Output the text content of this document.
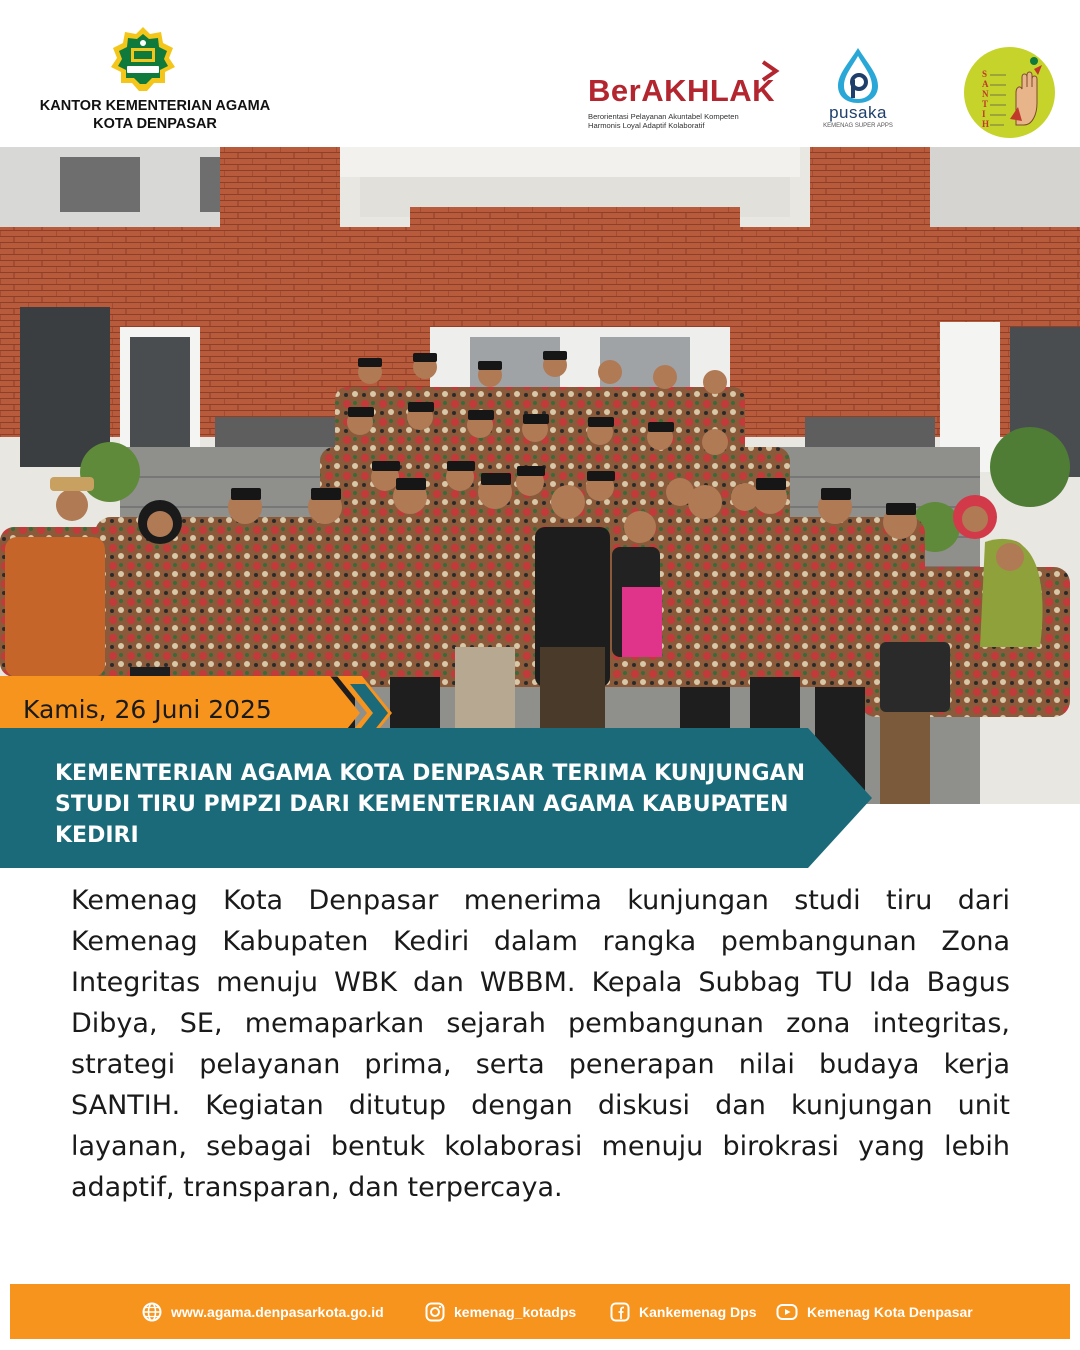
KANTOR KEMENTERIAN AGAMA
KOTA DENPASAR
BerAKHLAK
Berorientasi Pelayanan Akuntabel Kompeten
Harmonis Loyal Adaptif Kolaboratif
pusaka
KEMENAG SUPER APPS
S
A
N
T
I
H
Kamis, 26 Juni 2025
KEMENTERIAN AGAMA KOTA DENPASAR TERIMA KUNJUNGAN STUDI TIRU PMPZI DARI KEMENTERIAN AGAMA KABUPATEN KEDIRI
Kemenag Kota Denpasar menerima kunjungan studi tiru dari Kemenag Kabupaten Kediri dalam rangka pembangunan Zona Integritas menuju WBK dan WBBM. Kepala Subbag TU Ida Bagus Dibya, SE, memaparkan sejarah pembangunan zona integritas, strategi pelayanan prima, serta penerapan nilai budaya kerja SANTIH. Kegiatan ditutup dengan diskusi dan kunjungan unit layanan, sebagai bentuk kolaborasi menuju birokrasi yang lebih adaptif, transparan, dan terpercaya.
www.agama.denpasarkota.go.id	kemenag_kotadps	Kankemenag Dps	Kemenag Kota Denpasar
